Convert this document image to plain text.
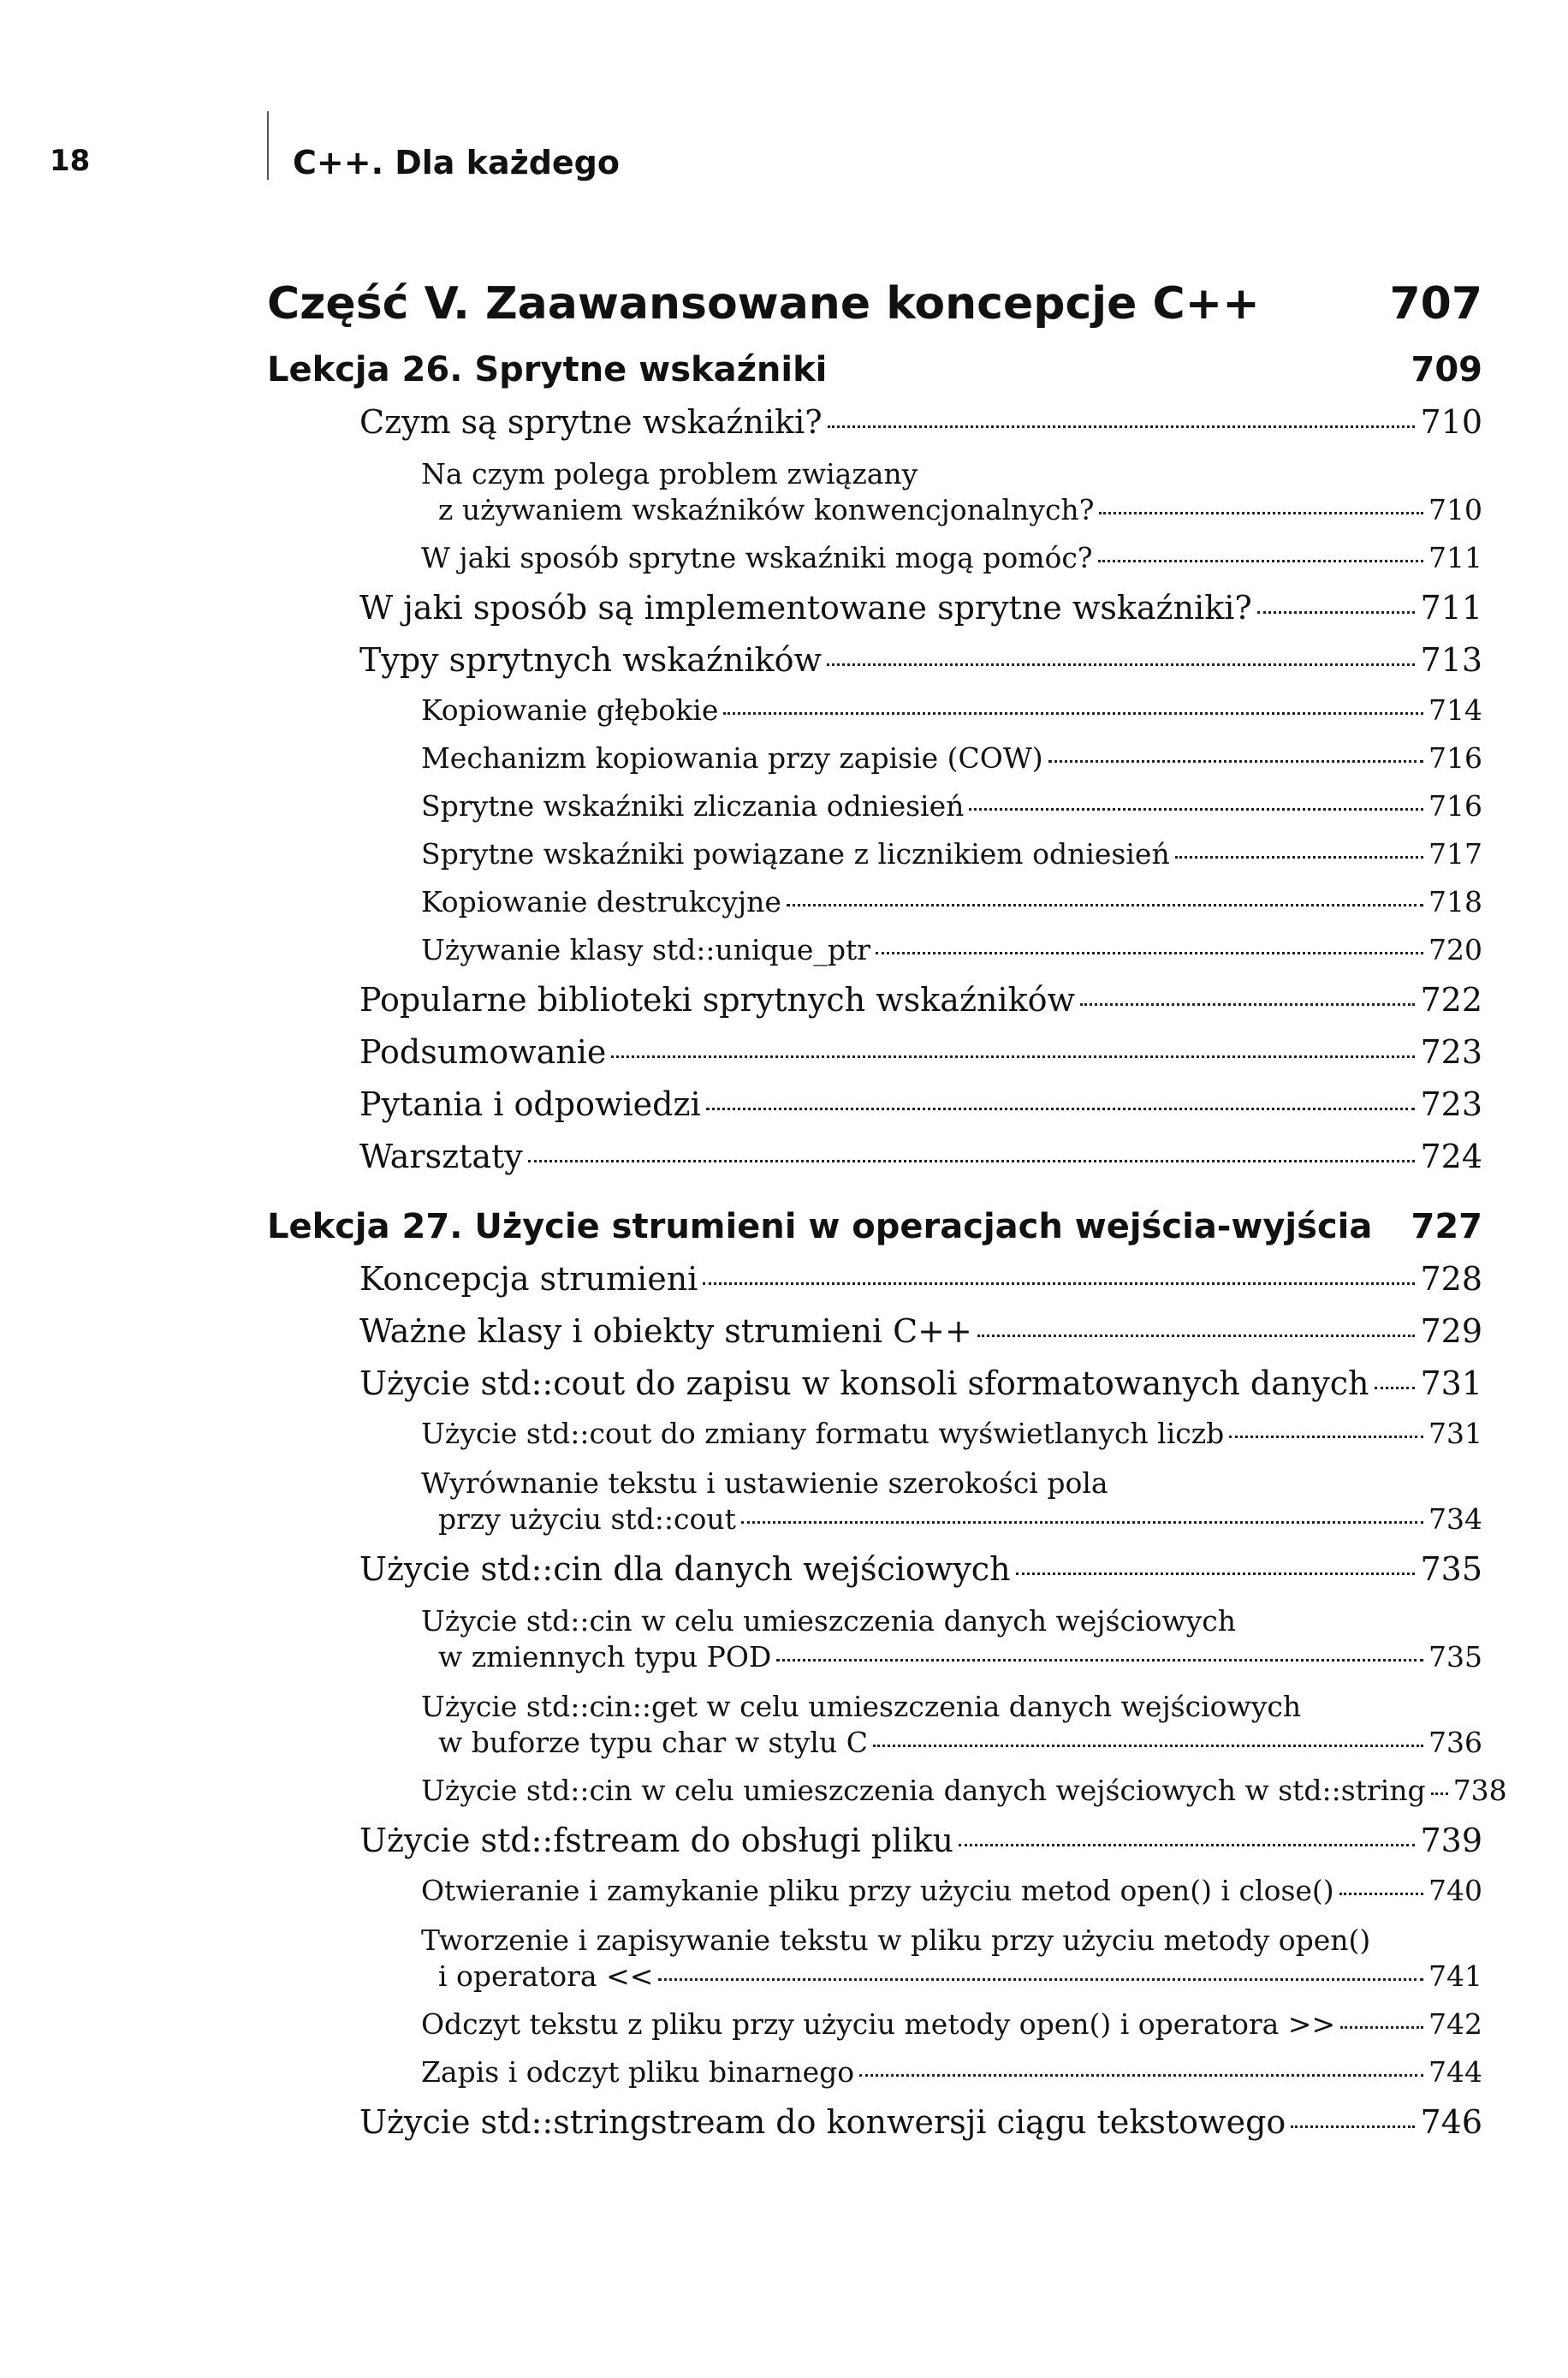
18	C++. Dla każdego
Część V. Zaawansowane koncepcje C++	707
Lekcja 26. Sprytne wskaźniki	709
Czym są sprytne wskaźniki?	710
Na czym polega problem związany
z używaniem wskaźników konwencjonalnych?	710
W jaki sposób sprytne wskaźniki mogą pomóc?	711
W jaki sposób są implementowane sprytne wskaźniki?	711
Typy sprytnych wskaźników	713
Kopiowanie głębokie	714
Mechanizm kopiowania przy zapisie (COW)	716
Sprytne wskaźniki zliczania odniesień	716
Sprytne wskaźniki powiązane z licznikiem odniesień	717
Kopiowanie destrukcyjne	718
Używanie klasy std::unique_ptr	720
Popularne biblioteki sprytnych wskaźników	722
Podsumowanie	723
Pytania i odpowiedzi	723
Warsztaty	724
Lekcja 27. Użycie strumieni w operacjach wejścia-wyjścia 727
Koncepcja strumieni	728
Ważne klasy i obiekty strumieni C++	729
Użycie std::cout do zapisu w konsoli sformatowanych danych 731
Użycie std::cout do zmiany formatu wyświetlanych liczb	731
Wyrównanie tekstu i ustawienie szerokości pola
przy użyciu std::cout	734
Użycie std::cin dla danych wejściowych	735
Użycie std::cin w celu umieszczenia danych wejściowych
w zmiennych typu POD	735
Użycie std::cin::get w celu umieszczenia danych wejściowych
w buforze typu char w stylu C	736
Użycie std::cin w celu umieszczenia danych wejściowych w std::string 738
Użycie std::fstream do obsługi pliku	739
Otwieranie i zamykanie pliku przy użyciu metod open() i close()	740
Tworzenie i zapisywanie tekstu w pliku przy użyciu metody open()
i operatora <<	741
Odczyt tekstu z pliku przy użyciu metody open() i operatora >>	742
Zapis i odczyt pliku binarnego	744
Użycie std::stringstream do konwersji ciągu tekstowego	746
